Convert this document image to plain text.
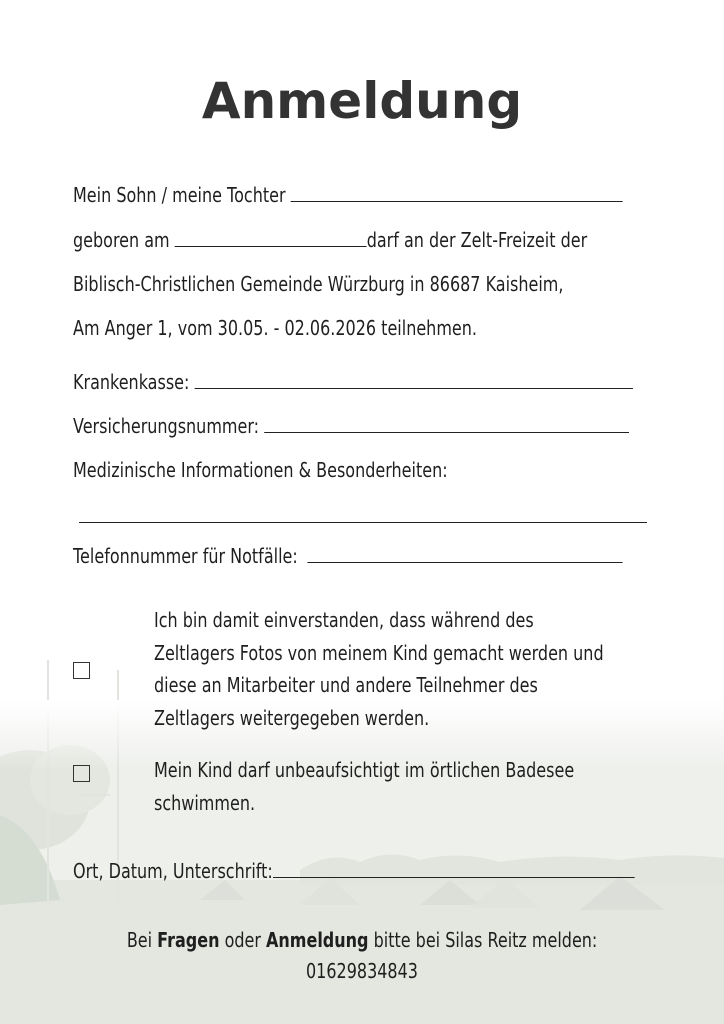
Anmeldung
Mein Sohn / meine Tochter
geboren am	darf an der Zelt-Freizeit der
Biblisch-Christlichen Gemeinde Würzburg in 86687 Kaisheim,
Am Anger 1, vom 30.05. - 02.06.2026 teilnehmen.
Krankenkasse:
Versicherungsnummer:
Medizinische Informationen & Besonderheiten:
Telefonnummer für Notfälle:
Ich bin damit einverstanden, dass während des
Zeltlagers Fotos von meinem Kind gemacht werden und
diese an Mitarbeiter und andere Teilnehmer des
Zeltlagers weitergegeben werden.
Mein Kind darf unbeaufsichtigt im örtlichen Badesee
schwimmen.
Ort, Datum, Unterschrift:
Bei Fragen oder Anmeldung bitte bei Silas Reitz melden:
01629834843
